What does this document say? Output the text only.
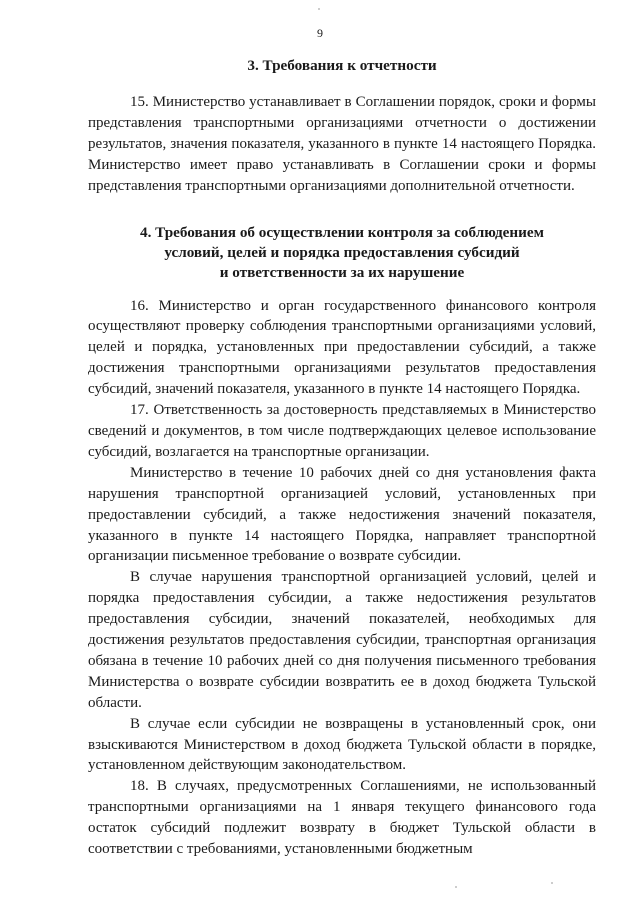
9
3. Требования к отчетности

15. Министерство устанавливает в Соглашении порядок, сроки и формы представления транспортными организациями отчетности о достижении результатов, значения показателя, указанного в пункте 14 настоящего Порядка. Министерство имеет право устанавливать в Соглашении сроки и формы представления транспортными организациями дополнительной отчетности.

4. Требования об осуществлении контроля за соблюдением
условий, целей и порядка предоставления субсидий
и ответственности за их нарушение

16. Министерство и орган государственного финансового контроля осуществляют проверку соблюдения транспортными организациями условий, целей и порядка, установленных при предоставлении субсидий, а также достижения транспортными организациями результатов предоставления субсидий, значений показателя, указанного в пункте 14 настоящего Порядка.

17. Ответственность за достоверность представляемых в Министерство сведений и документов, в том числе подтверждающих целевое использование субсидий, возлагается на транспортные организации.

Министерство в течение 10 рабочих дней со дня установления факта нарушения транспортной организацией условий, установленных при предоставлении субсидий, а также недостижения значений показателя, указанного в пункте 14 настоящего Порядка, направляет транспортной организации письменное требование о возврате субсидии.

В случае нарушения транспортной организацией условий, целей и порядка предоставления субсидии, а также недостижения результатов предоставления субсидии, значений показателей, необходимых для достижения результатов предоставления субсидии, транспортная организация обязана в течение 10 рабочих дней со дня получения письменного требования Министерства о возврате субсидии возвратить ее в доход бюджета Тульской области.

В случае если субсидии не возвращены в установленный срок, они взыскиваются Министерством в доход бюджета Тульской области в порядке, установленном действующим законодательством.

18. В случаях, предусмотренных Соглашениями, не использованный транспортными организациями на 1 января текущего финансового года остаток субсидий подлежит возврату в бюджет Тульской области в соответствии с требованиями, установленными бюджетным
